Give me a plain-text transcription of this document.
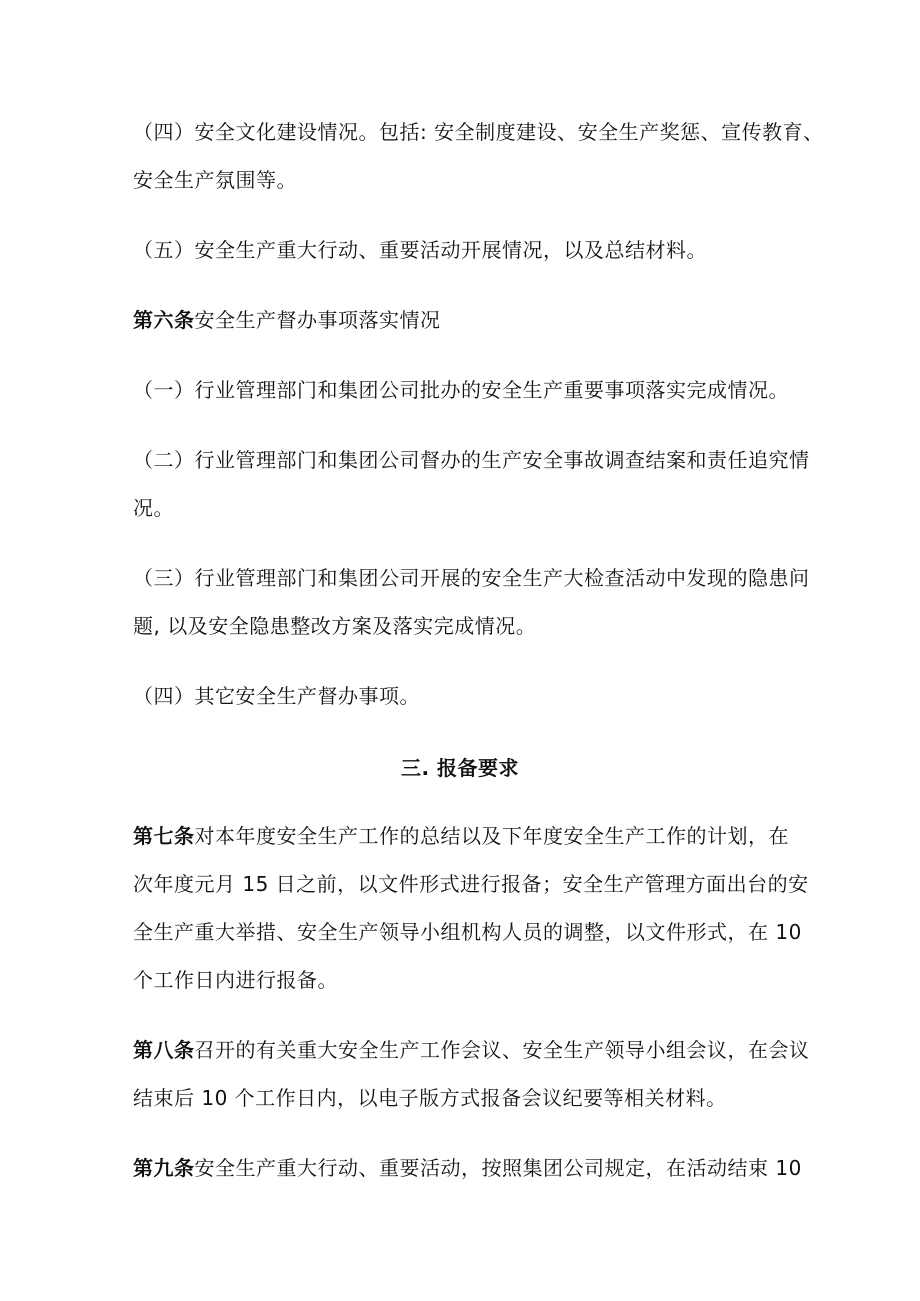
（四）安全文化建设情况。包括: 安全制度建设、安全生产奖惩、宣传教育、
安全生产氛围等。
（五）安全生产重大行动、重要活动开展情况，以及总结材料。
第六条安全生产督办事项落实情况
（一）行业管理部门和集团公司批办的安全生产重要事项落实完成情况。
（二）行业管理部门和集团公司督办的生产安全事故调查结案和责任追究情
况。
（三）行业管理部门和集团公司开展的安全生产大检查活动中发现的隐患问
题, 以及安全隐患整改方案及落实完成情况。
（四）其它安全生产督办事项。
三. 报备要求
第七条对本年度安全生产工作的总结以及下年度安全生产工作的计划，在
次年度元月 15 日之前，以文件形式进行报备；安全生产管理方面出台的安
全生产重大举措、安全生产领导小组机构人员的调整，以文件形式，在 10
个工作日内进行报备。
第八条召开的有关重大安全生产工作会议、安全生产领导小组会议，在会议
结束后 10 个工作日内，以电子版方式报备会议纪要等相关材料。
第九条安全生产重大行动、重要活动，按照集团公司规定，在活动结束 10
